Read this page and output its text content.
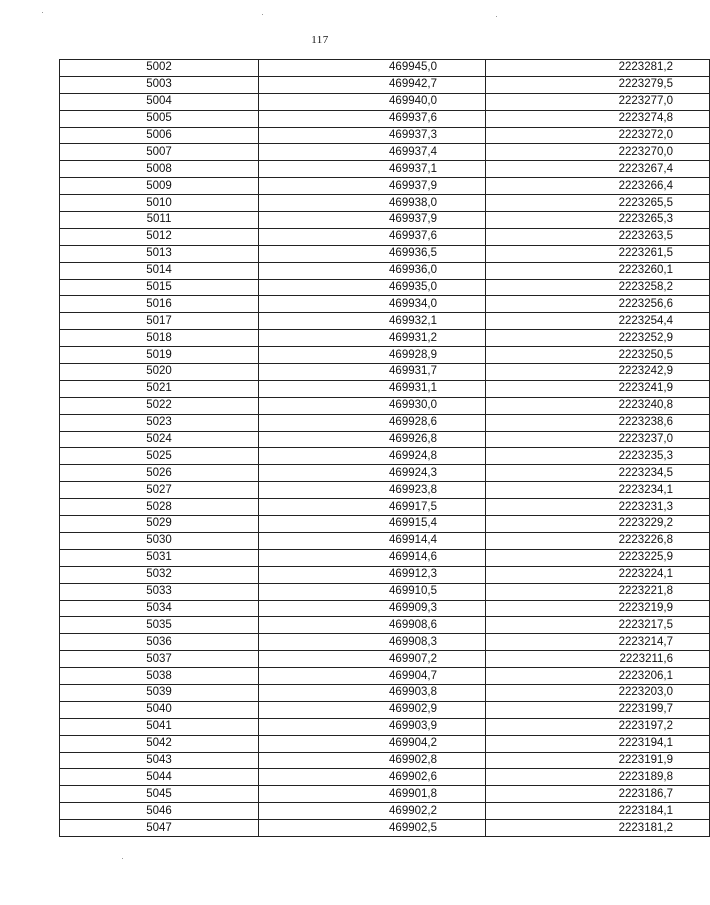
117
5002	469945,0	2223281,2
5003	469942,7	2223279,5
5004	469940,0	2223277,0
5005	469937,6	2223274,8
5006	469937,3	2223272,0
5007	469937,4	2223270,0
5008	469937,1	2223267,4
5009	469937,9	2223266,4
5010	469938,0	2223265,5
5011	469937,9	2223265,3
5012	469937,6	2223263,5
5013	469936,5	2223261,5
5014	469936,0	2223260,1
5015	469935,0	2223258,2
5016	469934,0	2223256,6
5017	469932,1	2223254,4
5018	469931,2	2223252,9
5019	469928,9	2223250,5
5020	469931,7	2223242,9
5021	469931,1	2223241,9
5022	469930,0	2223240,8
5023	469928,6	2223238,6
5024	469926,8	2223237,0
5025	469924,8	2223235,3
5026	469924,3	2223234,5
5027	469923,8	2223234,1
5028	469917,5	2223231,3
5029	469915,4	2223229,2
5030	469914,4	2223226,8
5031	469914,6	2223225,9
5032	469912,3	2223224,1
5033	469910,5	2223221,8
5034	469909,3	2223219,9
5035	469908,6	2223217,5
5036	469908,3	2223214,7
5037	469907,2	2223211,6
5038	469904,7	2223206,1
5039	469903,8	2223203,0
5040	469902,9	2223199,7
5041	469903,9	2223197,2
5042	469904,2	2223194,1
5043	469902,8	2223191,9
5044	469902,6	2223189,8
5045	469901,8	2223186,7
5046	469902,2	2223184,1
5047	469902,5	2223181,2
